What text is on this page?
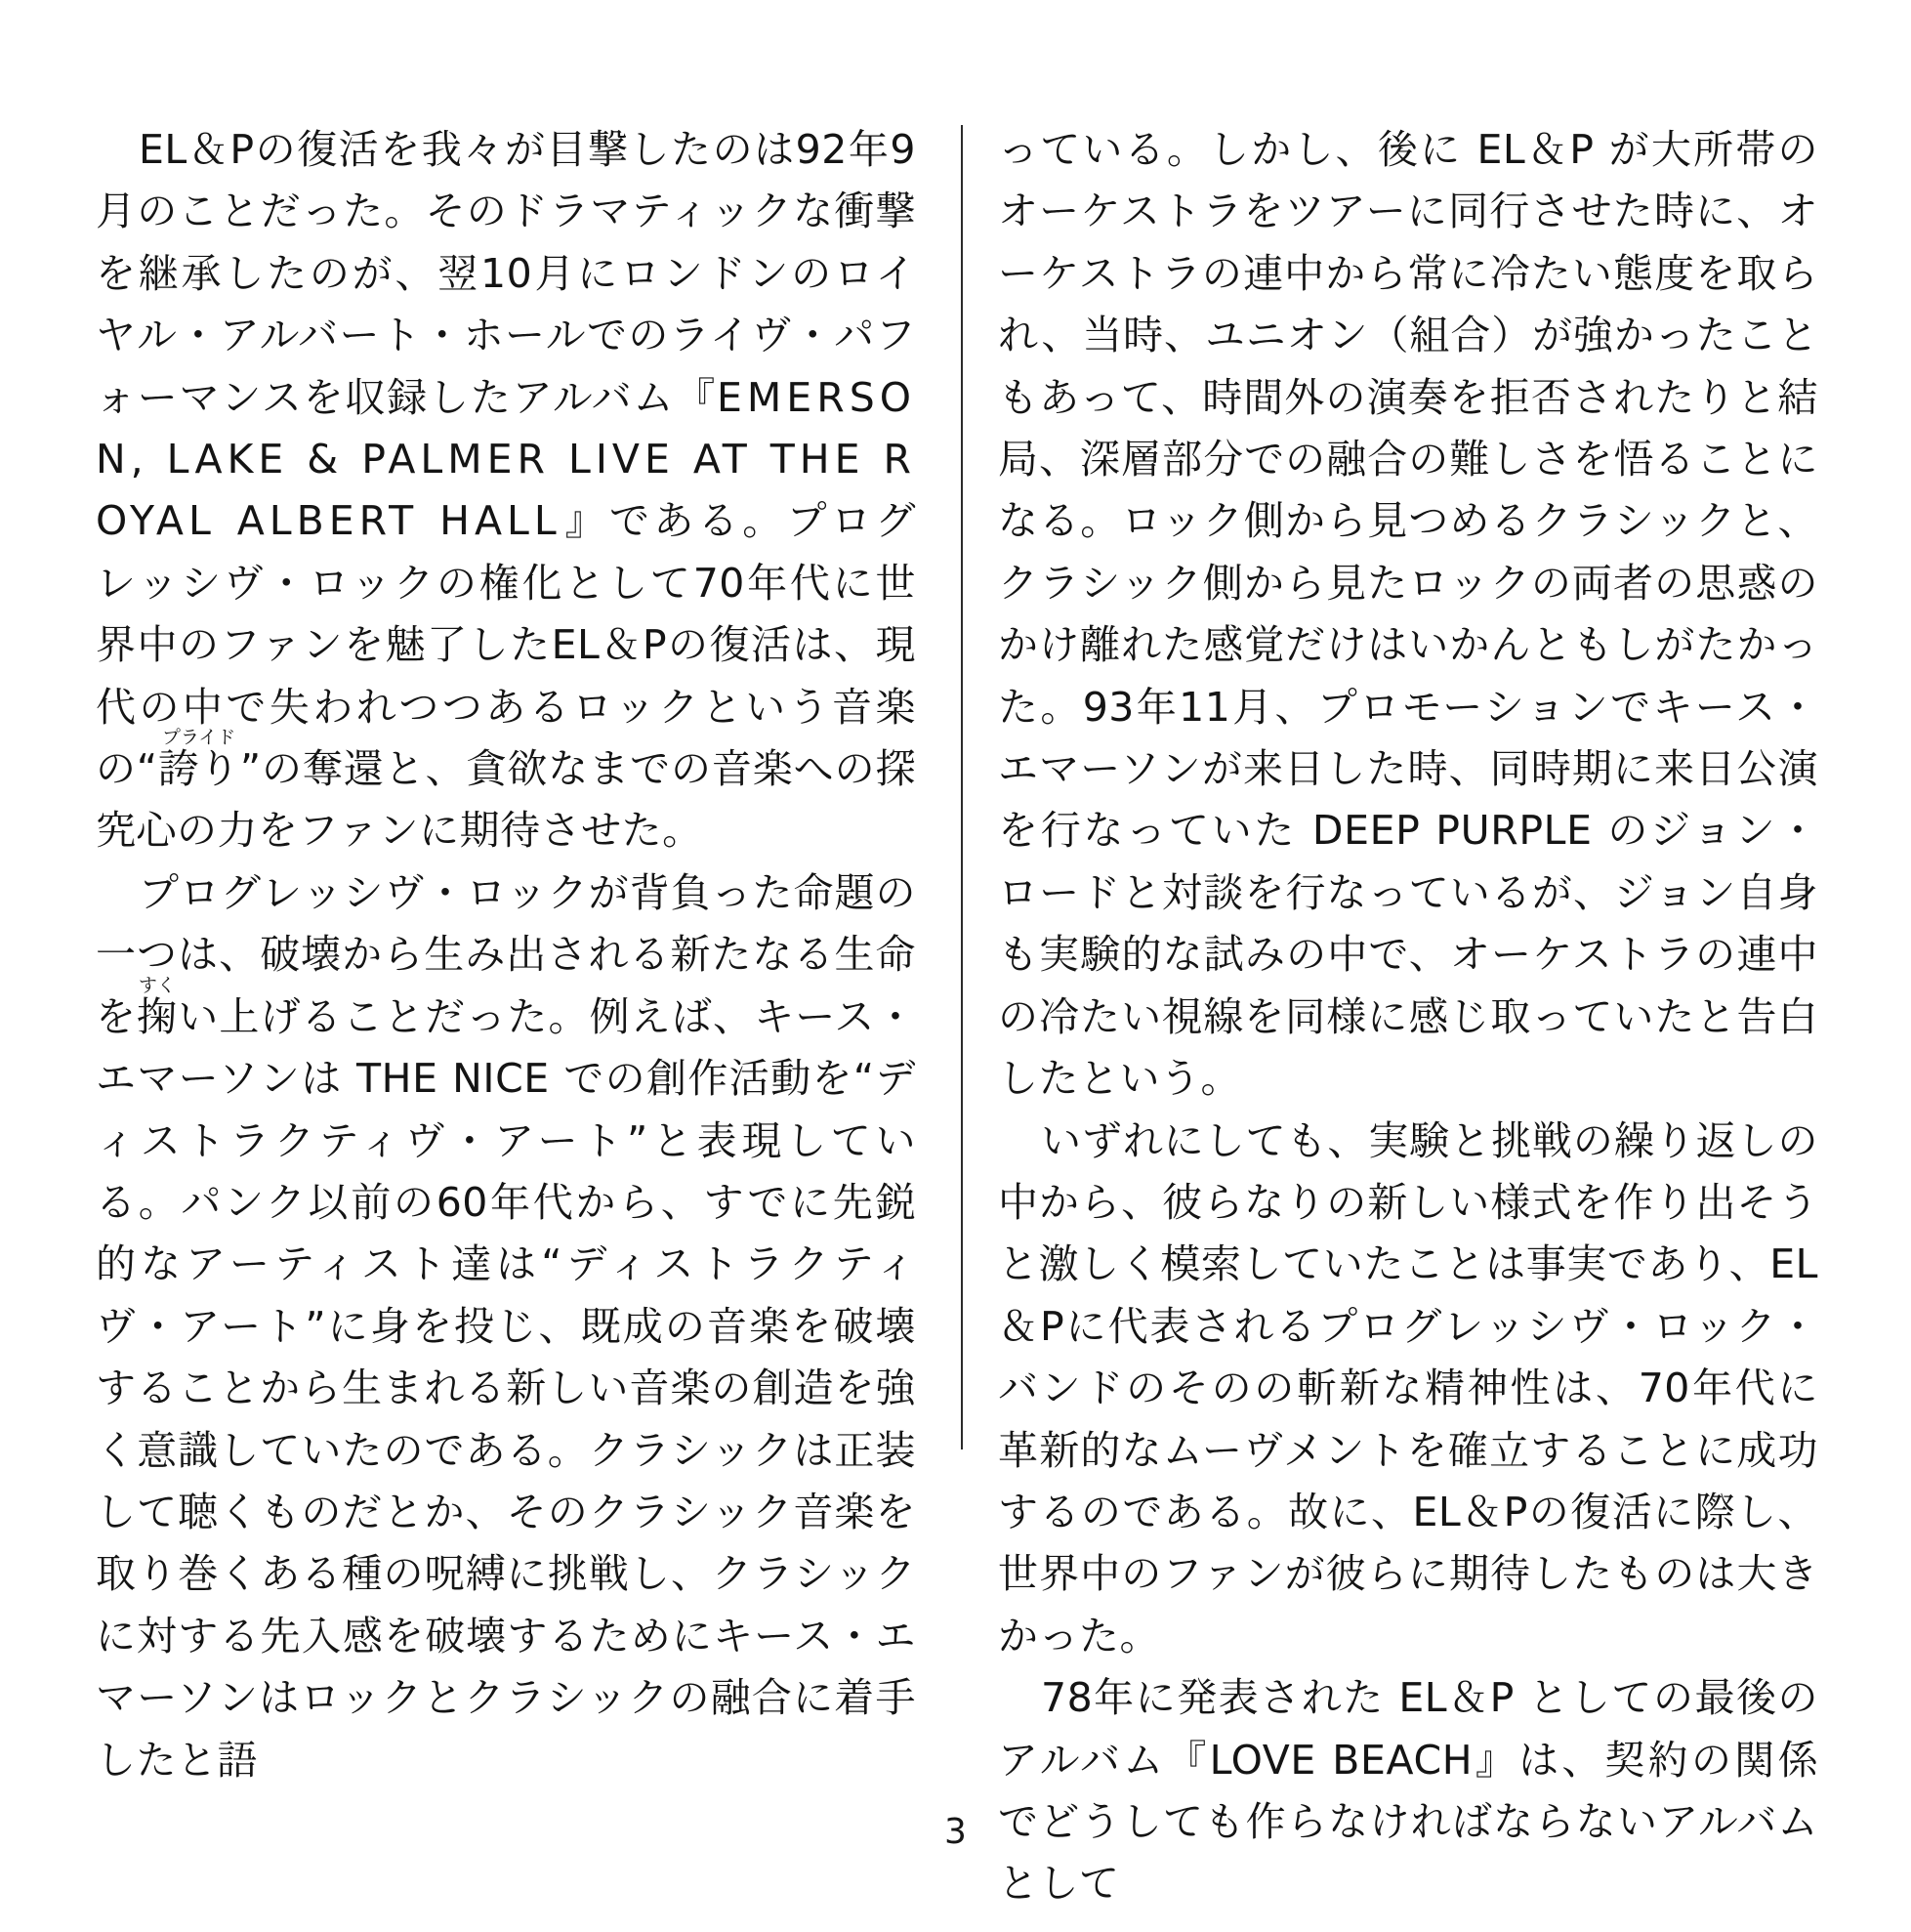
EL＆Pの復活を我々が目撃したのは92年9月のことだった。そのドラマティックな衝撃を継承したのが、翌10月にロンドンのロイヤル・アルバート・ホールでのライヴ・パフォーマンスを収録したアルバム『EMERSON, LAKE & PALMER LIVE AT THE ROYAL ALBERT HALL』である。プログレッシヴ・ロックの権化として70年代に世界中のファンを魅了したEL＆Pの復活は、現代の中で失われつつあるロックという音楽の“誇りプライド”の奪還と、貪欲なまでの音楽への探究心の力をファンに期待させた。

プログレッシヴ・ロックが背負った命題の一つは、破壊から生み出される新たなる生命を掬すくい上げることだった。例えば、キース・エマーソンは THE NICE での創作活動を“ディストラクティヴ・アート”と表現している。パンク以前の60年代から、すでに先鋭的なアーティスト達は“ディストラクティヴ・アート”に身を投じ、既成の音楽を破壊することから生まれる新しい音楽の創造を強く意識していたのである。クラシックは正装して聴くものだとか、そのクラシック音楽を取り巻くある種の呪縛に挑戦し、クラシックに対する先入感を破壊するためにキース・エマーソンはロックとクラシックの融合に着手したと語

っている。しかし、後に EL＆P が大所帯のオーケストラをツアーに同行させた時に、オーケストラの連中から常に冷たい態度を取られ、当時、ユニオン（組合）が強かったこともあって、時間外の演奏を拒否されたりと結局、深層部分での融合の難しさを悟ることになる。ロック側から見つめるクラシックと、クラシック側から見たロックの両者の思惑のかけ離れた感覚だけはいかんともしがたかった。93年11月、プロモーションでキース・エマーソンが来日した時、同時期に来日公演を行なっていた DEEP PURPLE のジョン・ロードと対談を行なっているが、ジョン自身も実験的な試みの中で、オーケストラの連中の冷たい視線を同様に感じ取っていたと告白したという。

いずれにしても、実験と挑戦の繰り返しの中から、彼らなりの新しい様式を作り出そうと激しく模索していたことは事実であり、EL＆Pに代表されるプログレッシヴ・ロック・バンドのそのの斬新な精神性は、70年代に革新的なムーヴメントを確立することに成功するのである。故に、EL＆Pの復活に際し、世界中のファンが彼らに期待したものは大きかった。

78年に発表された EL＆P としての最後のアルバム『LOVE BEACH』は、契約の関係でどうしても作らなければならないアルバムとして

3
